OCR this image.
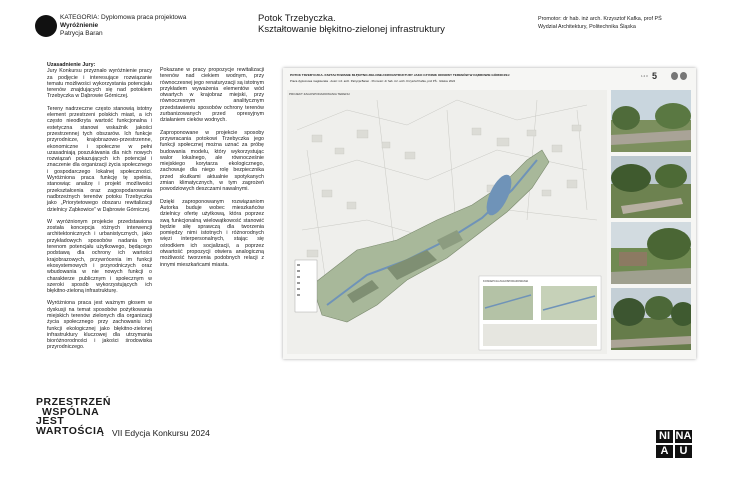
KATEGORIA: Dyplomowa praca projektowa
Wyróżnienie
Patrycja Baran
Potok Trzebyczka.
Kształtowanie błękitno-zielonej infrastruktury
Promotor: dr hab. inż arch. Krzysztof Kafka, prof PŚ
Wydział Architektury, Politechnika Śląska

Uzasadnienie Jury:

Jury Konkursu przyznało wyróżnienie pracy za podjęcie i interesujące rozwiązanie tematu możliwości wykorzystania potencjału terenów znajdujących się nad potokiem Trzebyczka w Dąbrowie Górniczej.

Tereny nadrzeczne często stanowią istotny element przestrzeni polskich miast, a ich często nieodkryta wartość funkcjonalna i estetyczna stanowi wskaźnik jakości przestrzennej tych obszarów. Ich funkcje przyrodnicze, krajobrazowo-przestrzenne, ekonomiczne i społeczne w pełni uzasadniają poszukiwania dla nich nowych rozwiązań pokazujących ich potencjał i znaczenie dla organizacji życia społecznego i gospodarczego lokalnej społeczności. Wyróżniona praca funkcję tę spełnia, stanowiąc analizę i projekt możliwości przekształcenia oraz zagospodarowania nadbrzeżnych terenów potoku Trzebyczka jako „Priorytetowego obszaru rewitalizacji dzielnicy Ząbkowice” w Dąbrowie Górniczej.

W wyróżnionym projekcie przedstawiona została koncepcja różnych interwencji architektonicznych i urbanistycznych, jako przykładowych sposobów nadania tym terenom potencjału użytkowego, będącego podstawą dla ochrony ich wartości krajobrazowych, przywrócenia im funkcji ekosystemowych i przyrodniczych oraz wbudowania w nie nowych funkcji o charakterze publicznym i społecznym w szeroki sposób wykorzystujących ich błękitno-zieloną infrastrukturę.

Wyróżniona praca jest ważnym głosem w dyskusji na temat sposobów pożytkowania miejskich terenów zielonych dla organizacji życia społecznego przy zachowaniu ich funkcji ekologicznej jako błękitno-zielonej infrastruktury kluczowej dla utrzymania bioróżnorodności i jakości środowiska przyrodniczego.

Pokazane w pracy propozycje rewitalizacji terenów nad ciekiem wodnym, przy równoczesnej jego renaturyzacji są istotnym przykładem wyważenia elementów wód otwartych w krajobraz miejski, przy równoczesnym analitycznym przedstawieniu sposobów ochrony terenów zurbanizowanych przed opresyjnym działaniem cieków wodnych.

Zaproponowane w projekcie sposoby przywracania potokowi Trzebyczka jego funkcji społecznej można uznać za próbę budowania modelu, który wykorzystując walor lokalnego, ale równocześnie miejskiego korytarza ekologicznego, zachowuje dla niego rolę bezpiecznika przed skutkami aktualnie spotykanych zmian klimatycznych, w tym zagrożeń powodziowych deszczami nawalnymi.

Dzięki zaproponowanym rozwiązaniom Autorka buduje wobec mieszkańców dzielnicy ofertę użytkową, która poprzez swą funkcjonalną wielowątkowość stanowić będzie siłę sprawczą dla tworzenia pomiędzy nimi istotnych i różnorodnych więzi interpersonalnych, stając się ośrodkiem ich socjalizacji, a poprzez otwartość propozycji otwiera analogiczną możliwość tworzenia podobnych relacji z innymi mieszkańcami miasta.

POTOK TRZEBYCZKA. KSZTAŁTOWANIE BŁĘKITNO-ZIELONEJ INFRASTRUKTURY JAKO CZYNNIK ODNOWY TERENÓW W DĄBROWIE GÓRNICZEJ
Praca dyplomowa magisterska · Autor: inż. arch. Patrycja Baran · Promotor: dr hab. inż. arch. Krzysztof Kafka, prof PŚ · Gliwice 2024
1 2 3 5
PROJEKT ZAGOSPODAROWANIA TERENU
KONCEPCJA ZAGOSPODAROWANIA
PRZESTRZEŃ
WSPÓLNA
JEST
WARTOŚCIĄ VII Edycja Konkursu 2024	NI NA
A	U
